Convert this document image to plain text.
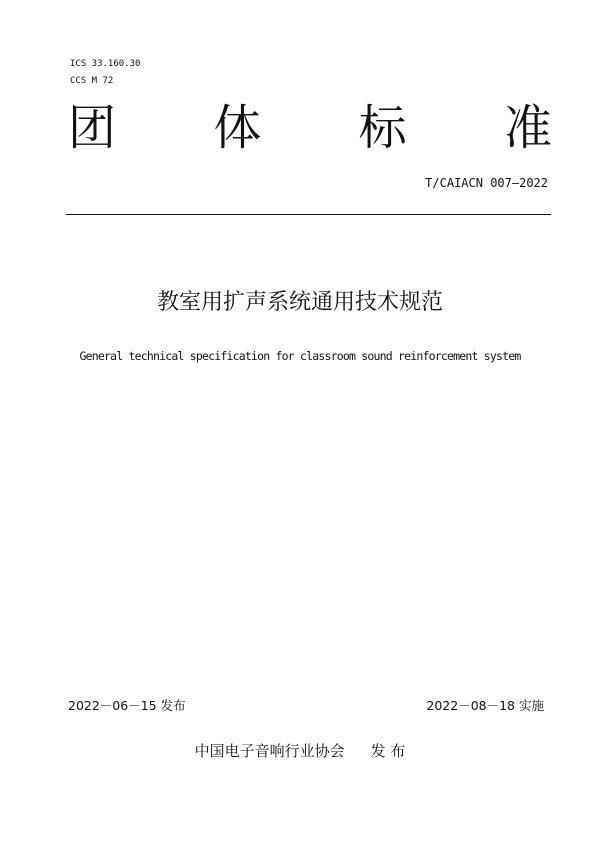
ICS 33.160.30
CCS M 72
团 体 标 准
T/CAIACN 007—2022
教室用扩声系统通用技术规范
General technical specification for classroom sound reinforcement system
2022－06－15 发布	2022－08－18 实施
中国电子音响行业协会 发 布
